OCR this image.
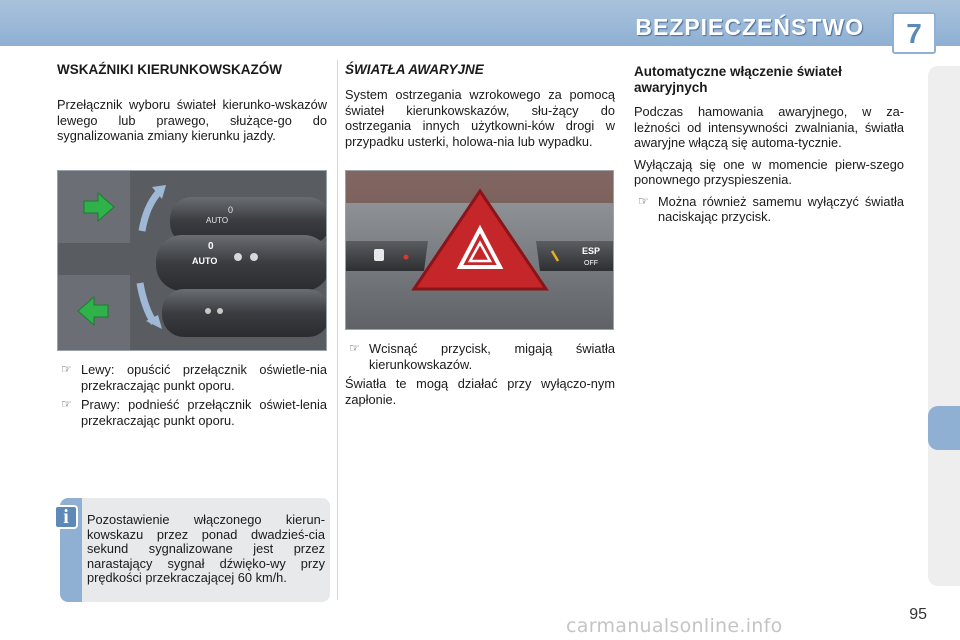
BEZPIECZEŃSTWO	7
WSKAŹNIKI KIERUNKOWSKAZÓW

Przełącznik wyboru świateł kierunko-wskazów lewego lub prawego, służące-go do sygnalizowania zmiany kierunku jazdy.

AUTO
0
AUTO
0
☞ Lewy: opuścić przełącznik oświetle-nia przekraczając punkt oporu.
☞ Prawy: podnieść przełącznik oświet-lenia przekraczając punkt oporu.
i	Pozostawienie włączonego kierun-kowskazu przez ponad dwadzieś-cia sekund sygnalizowane jest przez narastający sygnał dźwięko-wy przy prędkości przekraczającej 60 km/h.
ŚWIATŁA AWARYJNE

System ostrzegania wzrokowego za pomocą świateł kierunkowskazów, słu-żący do ostrzegania innych użytkowni-ków drogi w przypadku usterki, holowa-nia lub wypadku.

ESP
OFF
☞ Wcisnąć przycisk, migają światła kierunkowskazów.

Światła te mogą działać przy wyłączo-nym zapłonie.

Automatyczne włączenie świateł awaryjnych

Podczas hamowania awaryjnego, w za-leżności od intensywności zwalniania, światła awaryjne włączą się automa-tycznie.

Wyłączają się one w momencie pierw-szego ponownego przyspieszenia.

☞ Można również samemu wyłączyć światła naciskając przycisk.
95
carmanualsonline.info
